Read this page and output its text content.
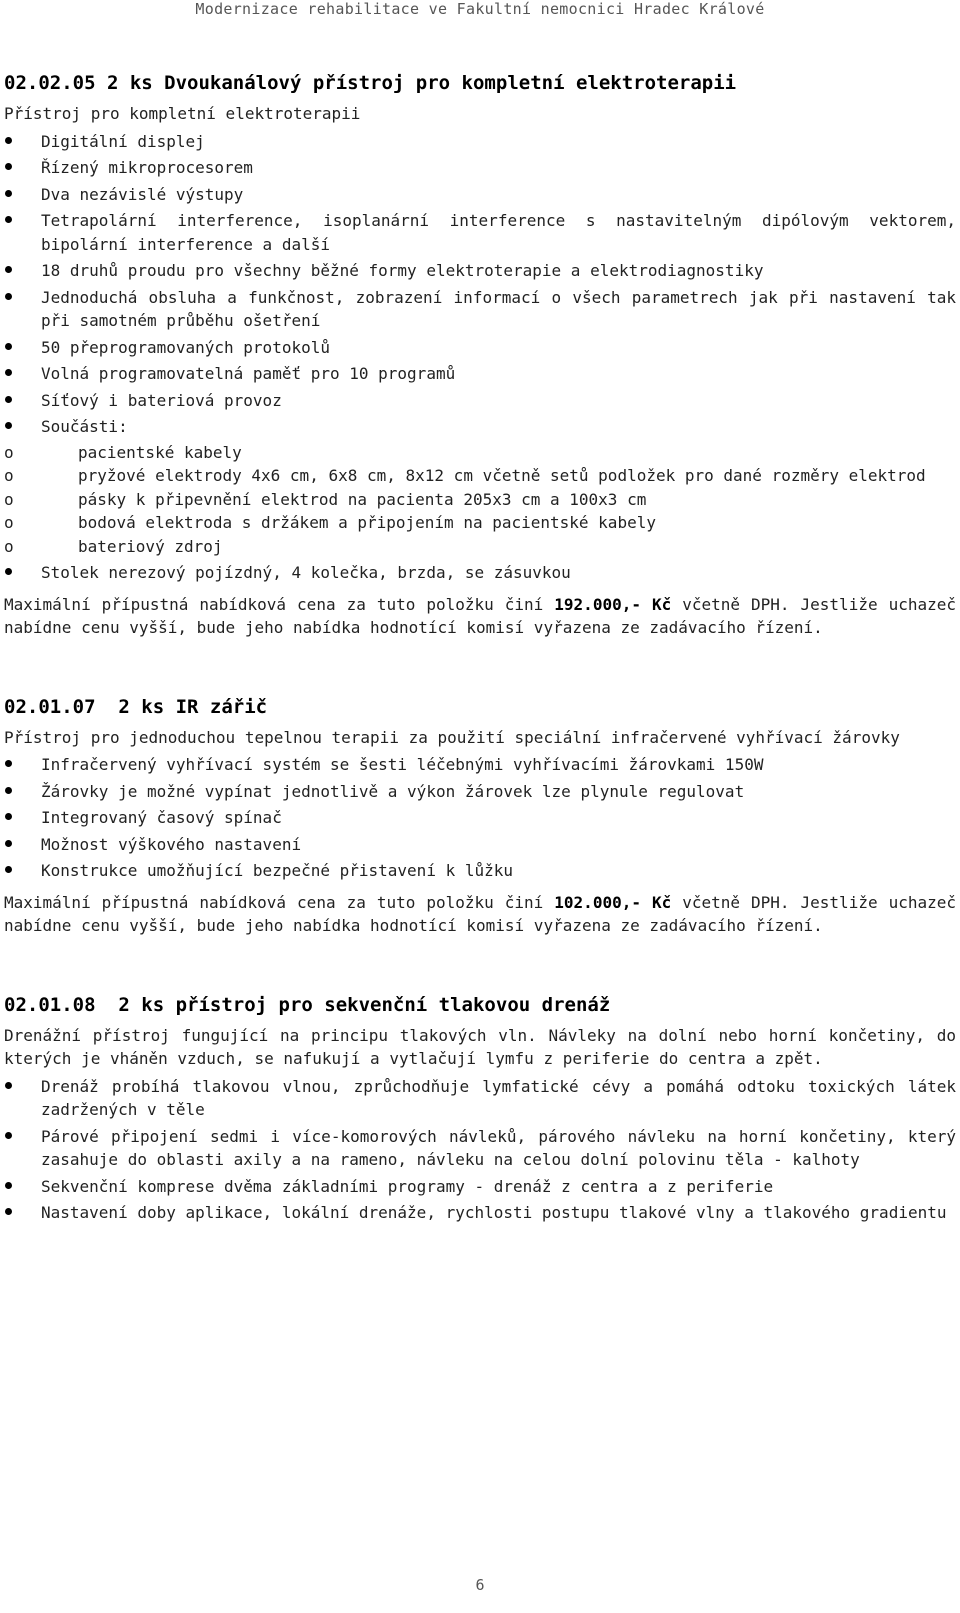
Modernizace rehabilitace ve Fakultní nemocnici Hradec Králové
02.02.05 2 ks Dvoukanálový přístroj pro kompletní elektroterapii
Přístroj pro kompletní elektroterapii
Digitální displej
Řízený mikroprocesorem
Dva nezávislé výstupy
Tetrapolární interference, isoplanární interference s nastavitelným dipólovým vektorem, bipolární interference a další
18 druhů proudu pro všechny běžné formy elektroterapie a elektrodiagnostiky
Jednoduchá obsluha a funkčnost, zobrazení informací o všech parametrech jak při nastavení tak při samotném průběhu ošetření
50 přeprogramovaných protokolů
Volná programovatelná paměť pro 10 programů
Síťový i bateriová provoz
Součásti:
o	pacientské kabely
o	pryžové elektrody 4x6 cm, 6x8 cm, 8x12 cm včetně setů podložek pro dané rozměry elektrod
o	pásky k připevnění elektrod na pacienta 205x3 cm a 100x3 cm
o	bodová elektroda s držákem a připojením na pacientské kabely
o	bateriový zdroj
Stolek nerezový pojízdný, 4 kolečka, brzda, se zásuvkou
Maximální přípustná nabídková cena za tuto položku činí 192.000,- Kč včetně DPH. Jestliže uchazeč nabídne cenu vyšší, bude jeho nabídka hodnotící komisí vyřazena ze zadávacího řízení.
02.01.07  2 ks IR zářič
Přístroj pro jednoduchou tepelnou terapii za použití speciální infračervené vyhřívací žárovky
Infračervený vyhřívací systém se šesti léčebnými vyhřívacími žárovkami 150W
Žárovky je možné vypínat jednotlivě a výkon žárovek lze plynule regulovat
Integrovaný časový spínač
Možnost výškového nastavení
Konstrukce umožňující bezpečné přistavení k lůžku
Maximální přípustná nabídková cena za tuto položku činí 102.000,- Kč včetně DPH. Jestliže uchazeč nabídne cenu vyšší, bude jeho nabídka hodnotící komisí vyřazena ze zadávacího řízení.
02.01.08  2 ks přístroj pro sekvenční tlakovou drenáž
Drenážní přístroj fungující na principu tlakových vln. Návleky na dolní nebo horní končetiny, do kterých je vháněn vzduch, se nafukují a vytlačují lymfu z periferie do centra a zpět.
Drenáž probíhá tlakovou vlnou, zprůchodňuje lymfatické cévy a pomáhá odtoku toxických látek zadržených v těle
Párové připojení sedmi i více-komorových návleků, párového návleku na horní končetiny, který zasahuje do oblasti axily a na rameno, návleku na celou dolní polovinu těla - kalhoty
Sekvenční komprese dvěma základními programy - drenáž z centra a z periferie
Nastavení doby aplikace, lokální drenáže, rychlosti postupu tlakové vlny a tlakového gradientu
6
